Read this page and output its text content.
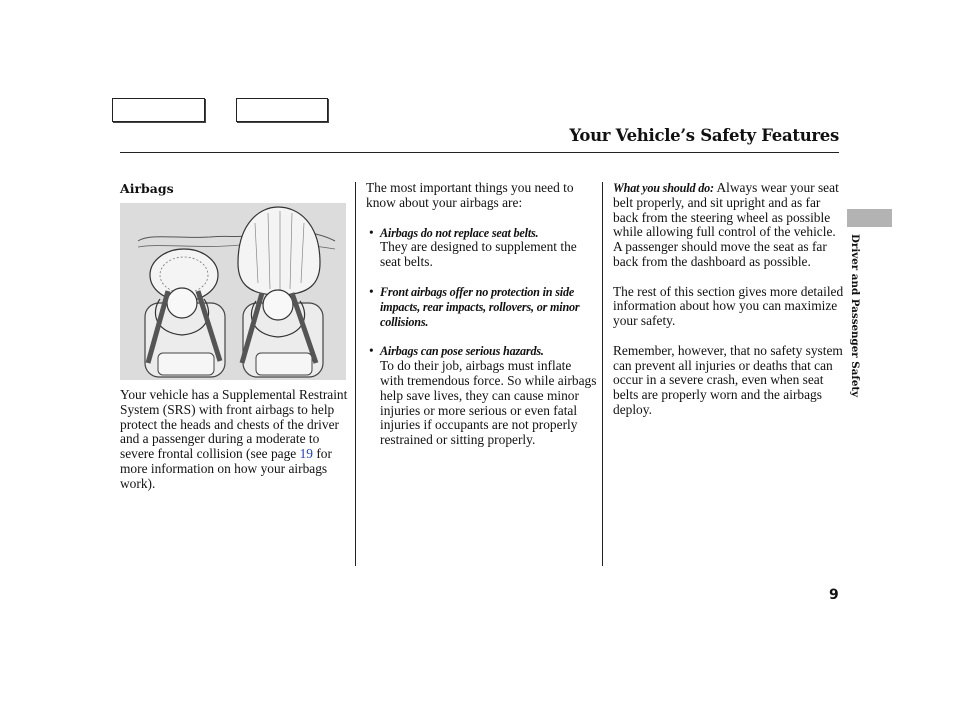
Your Vehicle’s Safety Features
Airbags

Your vehicle has a Supplemental Restraint System (SRS) with front airbags to help protect the heads and chests of the driver and a passenger during a moderate to severe frontal collision (see page 19 for more information on how your airbags work).

The most important things you need to know about your airbags are:

• Airbags do not replace seat belts.
They are designed to supplement the seat belts.
• Front airbags offer no protection in side impacts, rear impacts, rollovers, or minor collisions.
• Airbags can pose serious hazards.
To do their job, airbags must inflate with tremendous force. So while airbags help save lives, they can cause minor injuries or more serious or even fatal injuries if occupants are not properly restrained or sitting properly.

What you should do: Always wear your seat belt properly, and sit upright and as far back from the steering wheel as possible while allowing full control of the vehicle. A passenger should move the seat as far back from the dashboard as possible.

The rest of this section gives more detailed information about how you can maximize your safety.

Remember, however, that no safety system can prevent all injuries or deaths that can occur in a severe crash, even when seat belts are properly worn and the airbags deploy.

Driver and Passenger Safety
9
